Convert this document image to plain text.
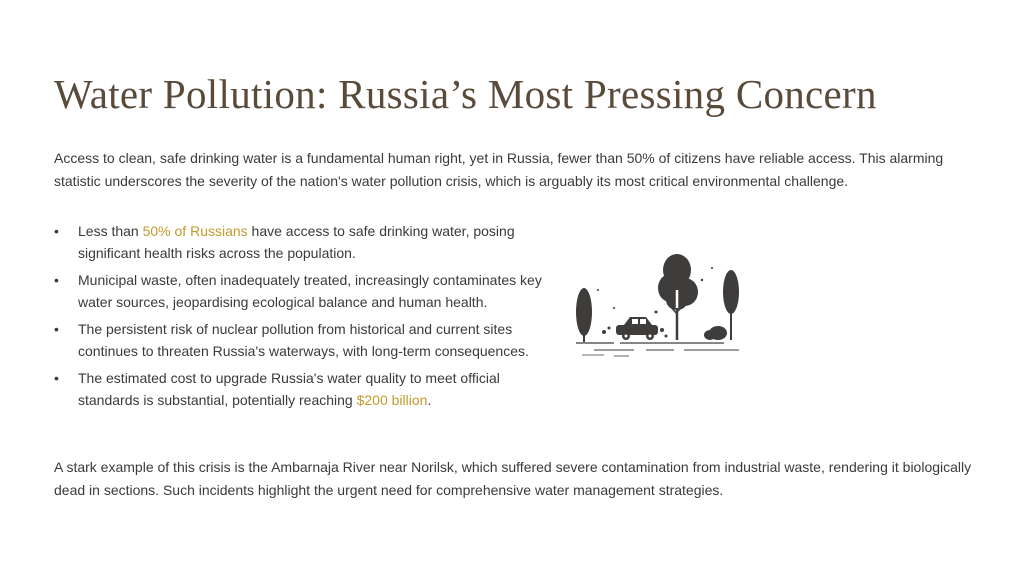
Water Pollution: Russia’s Most Pressing Concern

Access to clean, safe drinking water is a fundamental human right, yet in Russia, fewer than 50% of citizens have reliable access. This alarming statistic underscores the severity of the nation's water pollution crisis, which is arguably its most critical environmental challenge.

• Less than 50% of Russians have access to safe drinking water, posing significant health risks across the population.
• Municipal waste, often inadequately treated, increasingly contaminates key water sources, jeopardising ecological balance and human health.
• The persistent risk of nuclear pollution from historical and current sites continues to threaten Russia's waterways, with long-term consequences.
• The estimated cost to upgrade Russia's water quality to meet official standards is substantial, potentially reaching $200 billion.

A stark example of this crisis is the Ambarnaja River near Norilsk, which suffered severe contamination from industrial waste, rendering it biologically dead in sections. Such incidents highlight the urgent need for comprehensive water management strategies.
